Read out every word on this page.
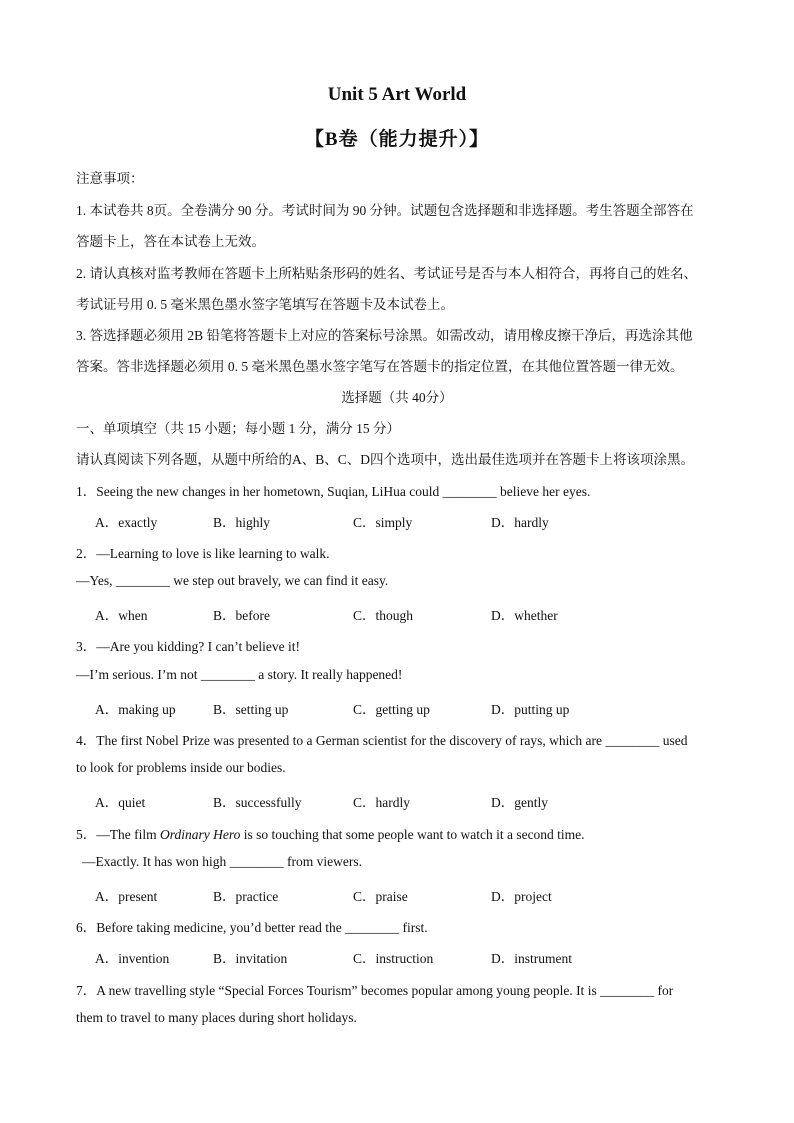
Unit 5 Art World
【B卷（能力提升）】
注意事项：
1. 本试卷共 8页。全卷满分 90 分。考试时间为 90 分钟。试题包含选择题和非选择题。考生答题全部答在
答题卡上，答在本试卷上无效。
2. 请认真核对监考教师在答题卡上所粘贴条形码的姓名、考试证号是否与本人相符合，再将自己的姓名、
考试证号用 0. 5 毫米黑色墨水签字笔填写在答题卡及本试卷上。
3. 答选择题必须用 2B 铅笔将答题卡上对应的答案标号涂黑。如需改动，请用橡皮擦干净后，再选涂其他
答案。答非选择题必须用 0. 5 毫米黑色墨水签字笔写在答题卡的指定位置，在其他位置答题一律无效。
选择题（共 40分）
一、单项填空（共 15 小题；每小题 1 分，满分 15 分）
请认真阅读下列各题，从题中所给的A、B、C、D四个选项中，选出最佳选项并在答题卡上将该项涂黑。
1．Seeing the new changes in her hometown, Suqian, LiHua could ________ believe her eyes.
A．exactly	B．highly	C．simply	D．hardly
2．—Learning to love is like learning to walk.
—Yes, ________ we step out bravely, we can find it easy.
A．when	B．before	C．though	D．whether
3．—Are you kidding? I can’t believe it!
—I’m serious. I’m not ________ a story. It really happened!
A．making up	B．setting up	C．getting up	D．putting up
4．The first Nobel Prize was presented to a German scientist for the discovery of rays, which are ________ used
to look for problems inside our bodies.
A．quiet	B．successfully	C．hardly	D．gently
5．—The film Ordinary Hero is so touching that some people want to watch it a second time.
—Exactly. It has won high ________ from viewers.
A．present	B．practice	C．praise	D．project
6．Before taking medicine, you’d better read the ________ first.
A．invention	B．invitation	C．instruction	D．instrument
7．A new travelling style “Special Forces Tourism” becomes popular among young people. It is ________ for
them to travel to many places during short holidays.
